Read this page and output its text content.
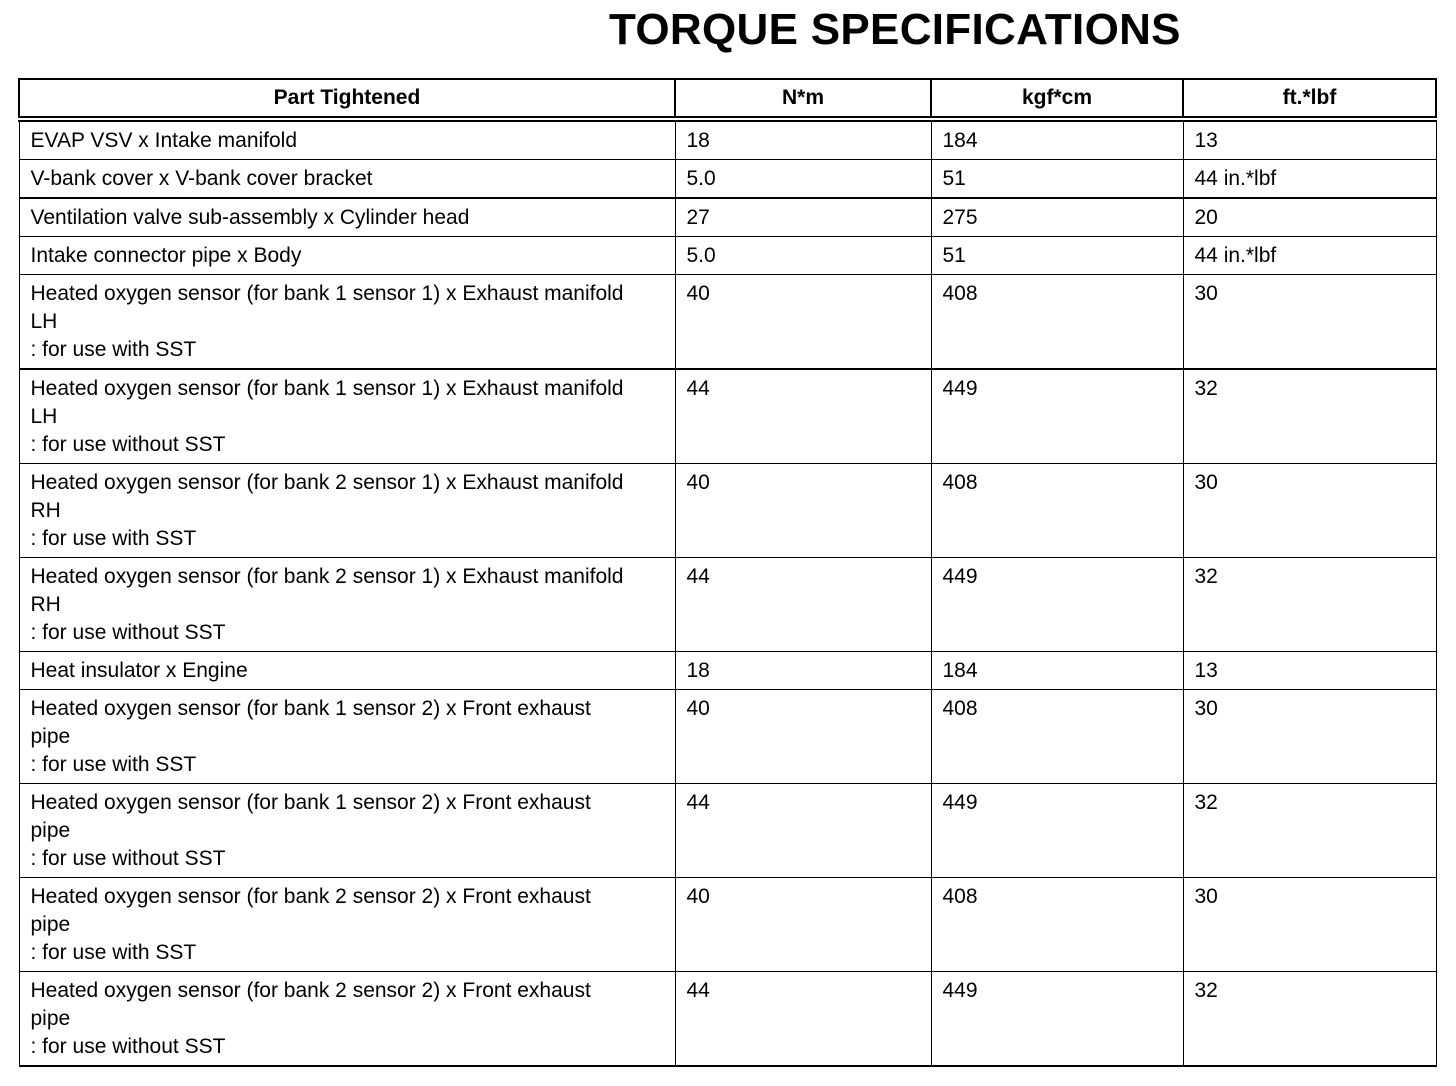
TORQUE SPECIFICATIONS
Part Tightened	N*m	kgf*cm	ft.*lbf
EVAP VSV x Intake manifold	18	184	13
V-bank cover x V-bank cover bracket	5.0	51	44 in.*lbf
Ventilation valve sub-assembly x Cylinder head	27	275	20
Intake connector pipe x Body	5.0	51	44 in.*lbf
Heated oxygen sensor (for bank 1 sensor 1) x Exhaust manifold
LH
: for use with SST	40	408	30
Heated oxygen sensor (for bank 1 sensor 1) x Exhaust manifold
LH
: for use without SST	44	449	32
Heated oxygen sensor (for bank 2 sensor 1) x Exhaust manifold
RH
: for use with SST	40	408	30
Heated oxygen sensor (for bank 2 sensor 1) x Exhaust manifold
RH
: for use without SST	44	449	32
Heat insulator x Engine	18	184	13
Heated oxygen sensor (for bank 1 sensor 2) x Front exhaust
pipe
: for use with SST	40	408	30
Heated oxygen sensor (for bank 1 sensor 2) x Front exhaust
pipe
: for use without SST	44	449	32
Heated oxygen sensor (for bank 2 sensor 2) x Front exhaust
pipe
: for use with SST	40	408	30
Heated oxygen sensor (for bank 2 sensor 2) x Front exhaust
pipe
: for use without SST	44	449	32
